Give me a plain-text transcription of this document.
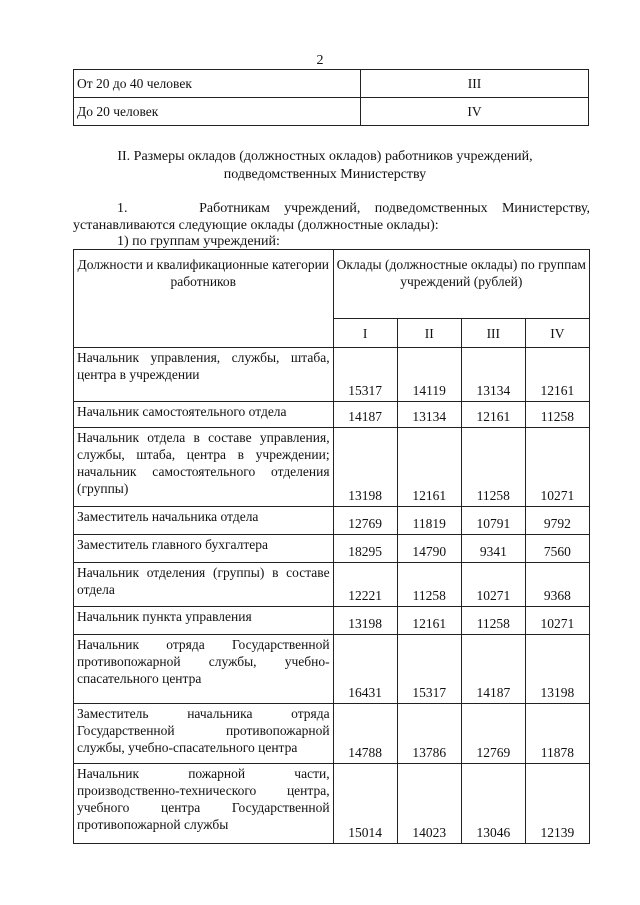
2
От 20 до 40 человек	III
До 20 человек	IV
II. Размеры окладов (должностных окладов) работников учреждений,
подведомственных Министерству
1.	Работникам учреждений, подведомственных Министерству, устанавливаются следующие оклады (должностные оклады):
1) по группам учреждений:
Должности и квалификационные категории работников	Оклады (должностные оклады) по группам учреждений (рублей)			
	I	II	III	IV

Начальник управления, службы, штаба, центра в учреждении	15317	14119	13134	12161

Начальник самостоятельного отдела	14187	13134	12161	11258

Начальник отдела в составе управления, службы, штаба, центра в учреждении; начальник самостоятельного отделения (группы)	13198	12161	11258	10271

Заместитель начальника отдела	12769	11819	10791	9792

Заместитель главного бухгалтера	18295	14790	9341	7560

Начальник отделения (группы) в составе отдела	12221	11258	10271	9368

Начальник пункта управления	13198	12161	11258	10271

Начальник отряда Государственной противопожарной службы, учебно-спасательного центра	16431	15317	14187	13198

Заместитель начальника отряда Государственной противопожарной службы, учебно-спасательного центра	14788	13786	12769	11878

Начальник пожарной части, производственно-технического центра, учебного центра Государственной противопожарной службы	15014	14023	13046	12139
